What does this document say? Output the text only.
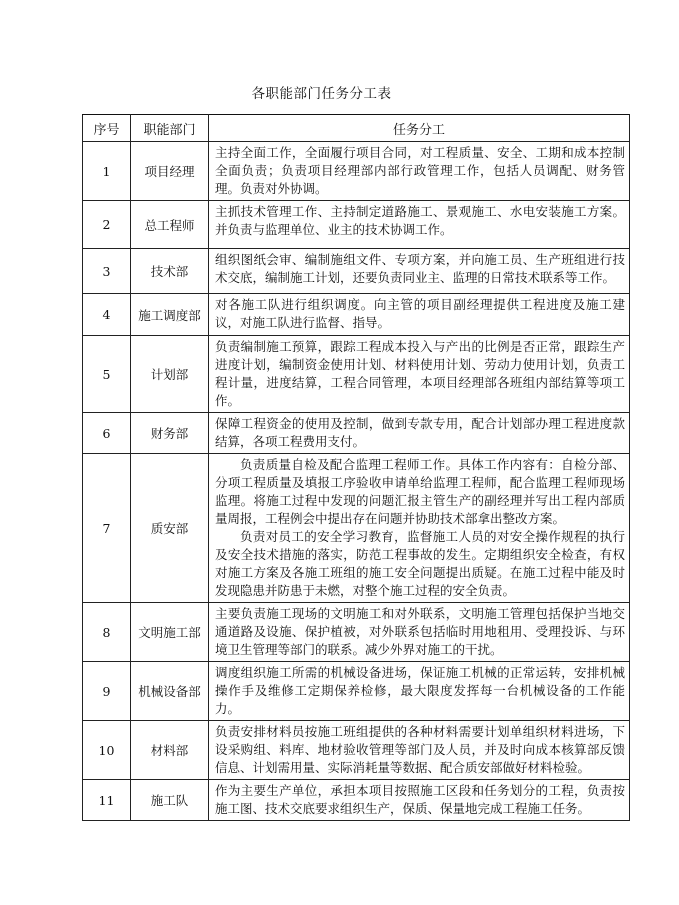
各职能部门任务分工表
序号	职能部门	任务分工
1	项目经理	主持全面工作，全面履行项目合同，对工程质量、安全、工期和成本控制全面负责；负责项目经理部内部行政管理工作，包括人员调配、财务管理。负责对外协调。

2	总工程师	主抓技术管理工作、主持制定道路施工、景观施工、水电安装施工方案。并负责与监理单位、业主的技术协调工作。

3	技术部	组织图纸会审、编制施组文件、专项方案，并向施工员、生产班组进行技术交底，编制施工计划，还要负责同业主、监理的日常技术联系等工作。

4	施工调度部	对各施工队进行组织调度。向主管的项目副经理提供工程进度及施工建议，对施工队进行监督、指导。

5	计划部	负责编制施工预算，跟踪工程成本投入与产出的比例是否正常，跟踪生产进度计划，编制资金使用计划、材料使用计划、劳动力使用计划，负责工程计量，进度结算，工程合同管理，本项目经理部各班组内部结算等项工作。

6	财务部	保障工程资金的使用及控制，做到专款专用，配合计划部办理工程进度款结算，各项工程费用支付。

7	质安部	负责质量自检及配合监理工程师工作。具体工作内容有：自检分部、分项工程质量及填报工序验收申请单给监理工程师，配合监理工程师现场监理。将施工过程中发现的问题汇报主管生产的副经理并写出工程内部质量周报，工程例会中提出存在问题并协助技术部拿出整改方案。
负责对员工的安全学习教育，监督施工人员的对安全操作规程的执行及安全技术措施的落实，防范工程事故的发生。定期组织安全检查，有权对施工方案及各施工班组的施工安全问题提出质疑。在施工过程中能及时发现隐患并防患于未燃，对整个施工过程的安全负责。

8	文明施工部	主要负责施工现场的文明施工和对外联系，文明施工管理包括保护当地交通道路及设施、保护植被，对外联系包括临时用地租用、受理投诉、与环境卫生管理等部门的联系。减少外界对施工的干扰。

9	机械设备部	调度组织施工所需的机械设备进场，保证施工机械的正常运转，安排机械操作手及维修工定期保养检修，最大限度发挥每一台机械设备的工作能力。

10	材料部	负责安排材料员按施工班组提供的各种材料需要计划单组织材料进场，下设采购组、料库、地材验收管理等部门及人员，并及时向成本核算部反馈信息、计划需用量、实际消耗量等数据、配合质安部做好材料检验。

11	施工队	作为主要生产单位，承担本项目按照施工区段和任务划分的工程，负责按施工图、技术交底要求组织生产，保质、保量地完成工程施工任务。
